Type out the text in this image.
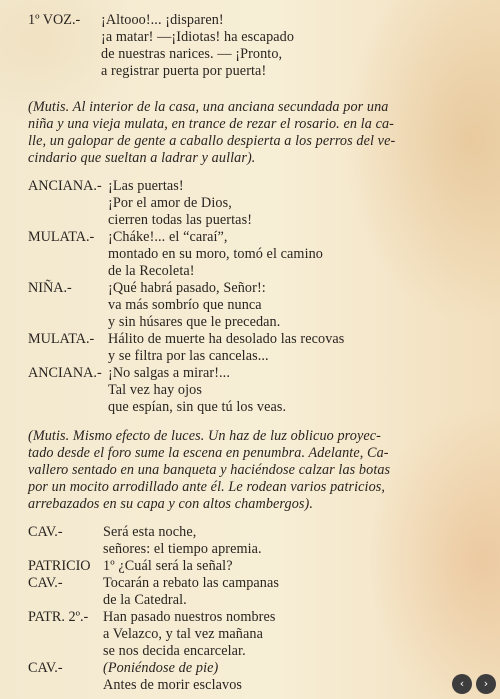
1º VOZ.- ¡Altooo!... ¡disparen!
¡a matar! —¡Idiotas! ha escapado
de nuestras narices. — ¡Pronto,
a registrar puerta por puerta!
(Mutis. Al interior de la casa, una anciana secundada por una
niña y una vieja mulata, en trance de rezar el rosario. en la ca-
lle, un galopar de gente a caballo despierta a los perros del ve-
cindario que sueltan a ladrar y aullar).
ANCIANA.- ¡Las puertas!
¡Por el amor de Dios,
cierren todas las puertas!
MULATA.- ¡Cháke!... el “caraí”,
montado en su moro, tomó el camino
de la Recoleta!
NIÑA.-	¡Qué habrá pasado, Señor!:
va más sombrío que nunca
y sin húsares que le precedan.
MULATA.- Hálito de muerte ha desolado las recovas
y se filtra por las cancelas...
ANCIANA.- ¡No salgas a mirar!...
Tal vez hay ojos
que espían, sin que tú los veas.
(Mutis. Mismo efecto de luces. Un haz de luz oblicuo proyec-
tado desde el foro sume la escena en penumbra. Adelante, Ca-
vallero sentado en una banqueta y haciéndose calzar las botas
por un mocito arrodillado ante él. Le rodean varios patricios,
arrebazados en su capa y con altos chambergos).
CAV.-	Será esta noche,
señores: el tiempo apremia.
PATRICIO 1º ¿Cuál será la señal?
CAV.-	Tocarán a rebato las campanas
de la Catedral.
PATR. 2º.- Han pasado nuestros nombres
a Velazco, y tal vez mañana
se nos decida encarcelar.
CAV.-	(Poniéndose de pie)
Antes de morir esclavos	‹	›
